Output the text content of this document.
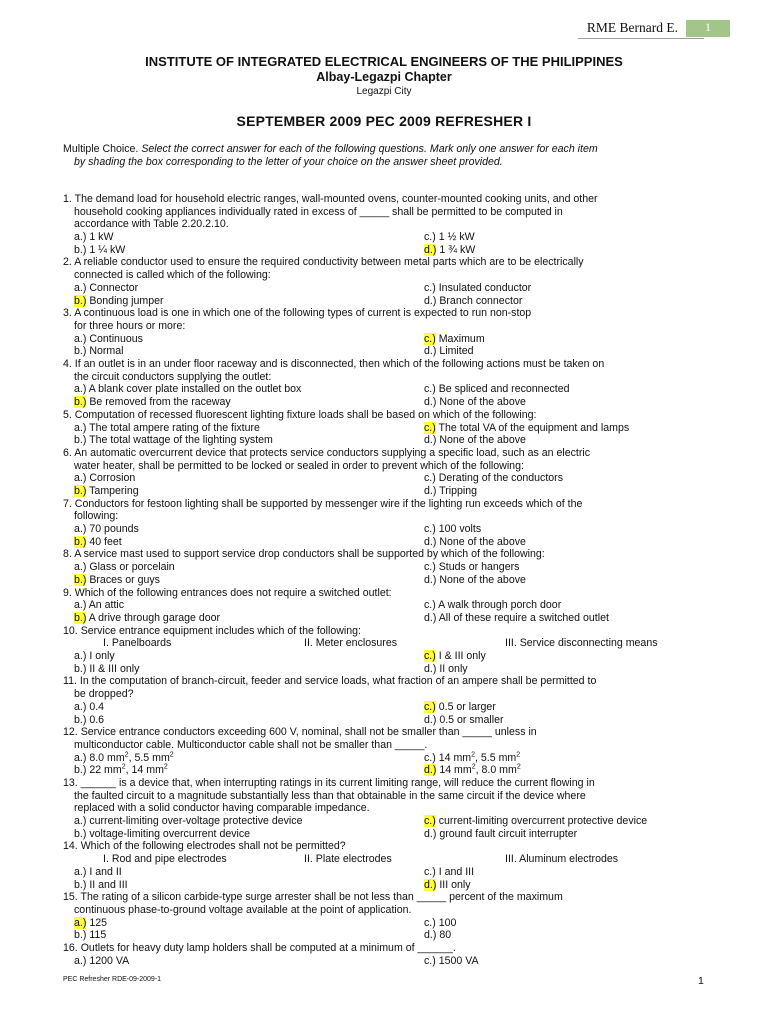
RME Bernard E.	1
INSTITUTE OF INTEGRATED ELECTRICAL ENGINEERS OF THE PHILIPPINES
Albay-Legazpi Chapter
Legazpi City
SEPTEMBER 2009 PEC 2009 REFRESHER I
Multiple Choice. Select the correct answer for each of the following questions. Mark only one answer for each item
by shading the box corresponding to the letter of your choice on the answer sheet provided.
1. The demand load for household electric ranges, wall-mounted ovens, counter-mounted cooking units, and other
household cooking appliances individually rated in excess of _____ shall be permitted to be computed in
accordance with Table 2.20.2.10.
a.) 1 kW	c.) 1 ½ kW
b.) 1 ¼ kW	d.) 1 ¾ kW
2. A reliable conductor used to ensure the required conductivity between metal parts which are to be electrically
connected is called which of the following:
a.) Connector	c.) Insulated conductor
b.) Bonding jumper	d.) Branch connector
3. A continuous load is one in which one of the following types of current is expected to run non-stop
for three hours or more:
a.) Continuous	c.) Maximum
b.) Normal	d.) Limited
4. If an outlet is in an under floor raceway and is disconnected, then which of the following actions must be taken on
the circuit conductors supplying the outlet:
a.) A blank cover plate installed on the outlet box	c.) Be spliced and reconnected
b.) Be removed from the raceway	d.) None of the above
5. Computation of recessed fluorescent lighting fixture loads shall be based on which of the following:
a.) The total ampere rating of the fixture	c.) The total VA of the equipment and lamps
b.) The total wattage of the lighting system	d.) None of the above
6. An automatic overcurrent device that protects service conductors supplying a specific load, such as an electric
water heater, shall be permitted to be locked or sealed in order to prevent which of the following:
a.) Corrosion	c.) Derating of the conductors
b.) Tampering	d.) Tripping
7. Conductors for festoon lighting shall be supported by messenger wire if the lighting run exceeds which of the
following:
a.) 70 pounds	c.) 100 volts
b.) 40 feet	d.) None of the above
8. A service mast used to support service drop conductors shall be supported by which of the following:
a.) Glass or porcelain	c.) Studs or hangers
b.) Braces or guys	d.) None of the above
9. Which of the following entrances does not require a switched outlet:
a.) An attic	c.) A walk through porch door
b.) A drive through garage door	d.) All of these require a switched outlet
10. Service entrance equipment includes which of the following:
I. Panelboards	II. Meter enclosures	III. Service disconnecting means
a.) I only	c.) I & III only
b.) II & III only	d.) II only
11. In the computation of branch-circuit, feeder and service loads, what fraction of an ampere shall be permitted to
be dropped?
a.) 0.4	c.) 0.5 or larger
b.) 0.6	d.) 0.5 or smaller
12. Service entrance conductors exceeding 600 V, nominal, shall not be smaller than _____ unless in
multiconductor cable. Multiconductor cable shall not be smaller than _____.
a.) 8.0 $mm^2$, 5.5 $mm^2$	c.) 14 $mm^2$, 5.5 $mm^2$
b.) 22 $mm^2$, 14 $mm^2$	d.) 14 $mm^2$, 8.0 $mm^2$
13. ______ is a device that, when interrupting ratings in its current limiting range, will reduce the current flowing in
the faulted circuit to a magnitude substantially less than that obtainable in the same circuit if the device where
replaced with a solid conductor having comparable impedance.
a.) current-limiting over-voltage protective device	c.) current-limiting overcurrent protective device
b.) voltage-limiting overcurrent device	d.) ground fault circuit interrupter
14. Which of the following electrodes shall not be permitted?
I. Rod and pipe electrodes	II. Plate electrodes	III. Aluminum electrodes
a.) I and II	c.) I and III
b.) II and III	d.) III only
15. The rating of a silicon carbide-type surge arrester shall be not less than _____ percent of the maximum
continuous phase-to-ground voltage available at the point of application.
a.) 125	c.) 100
b.) 115	d.) 80
16. Outlets for heavy duty lamp holders shall be computed at a minimum of ______.
a.) 1200 VA	c.) 1500 VA
PEC Refresher RDE-09-2009-1	1
